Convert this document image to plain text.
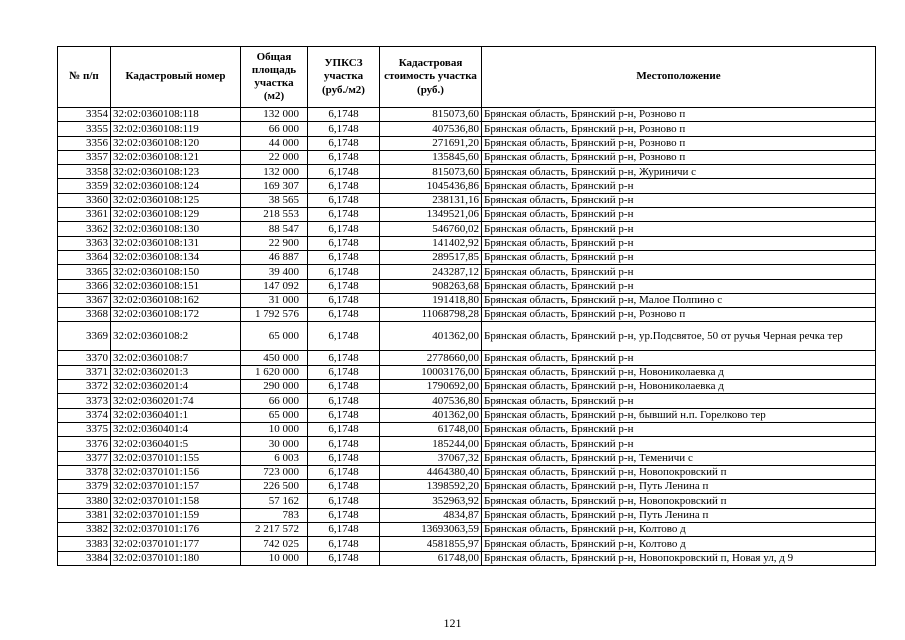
№ п/п	Кадастровый номер	Общая площадь участка (м2)	УПКСЗ участка (руб./м2)	Кадастровая стоимость участка (руб.)	Местоположение
3354	32:02:0360108:118	132 000	6,1748	815073,60	Брянская область, Брянский р-н, Розново п
3355	32:02:0360108:119	66 000	6,1748	407536,80	Брянская область, Брянский р-н, Розново п
3356	32:02:0360108:120	44 000	6,1748	271691,20	Брянская область, Брянский р-н, Розново п
3357	32:02:0360108:121	22 000	6,1748	135845,60	Брянская область, Брянский р-н, Розново п
3358	32:02:0360108:123	132 000	6,1748	815073,60	Брянская область, Брянский р-н, Журиничи с
3359	32:02:0360108:124	169 307	6,1748	1045436,86	Брянская область, Брянский р-н
3360	32:02:0360108:125	38 565	6,1748	238131,16	Брянская область, Брянский р-н
3361	32:02:0360108:129	218 553	6,1748	1349521,06	Брянская область, Брянский р-н
3362	32:02:0360108:130	88 547	6,1748	546760,02	Брянская область, Брянский р-н
3363	32:02:0360108:131	22 900	6,1748	141402,92	Брянская область, Брянский р-н
3364	32:02:0360108:134	46 887	6,1748	289517,85	Брянская область, Брянский р-н
3365	32:02:0360108:150	39 400	6,1748	243287,12	Брянская область, Брянский р-н
3366	32:02:0360108:151	147 092	6,1748	908263,68	Брянская область, Брянский р-н
3367	32:02:0360108:162	31 000	6,1748	191418,80	Брянская область, Брянский р-н, Малое Полпино с
3368	32:02:0360108:172	1 792 576	6,1748	11068798,28	Брянская область, Брянский р-н, Розново п
3369	32:02:0360108:2	65 000	6,1748	401362,00	Брянская область, Брянский р-н, ур.Подсвятое, 50 от ручья Черная речка тер
3370	32:02:0360108:7	450 000	6,1748	2778660,00	Брянская область, Брянский р-н
3371	32:02:0360201:3	1 620 000	6,1748	10003176,00	Брянская область, Брянский р-н, Новониколаевка д
3372	32:02:0360201:4	290 000	6,1748	1790692,00	Брянская область, Брянский р-н, Новониколаевка д
3373	32:02:0360201:74	66 000	6,1748	407536,80	Брянская область, Брянский р-н
3374	32:02:0360401:1	65 000	6,1748	401362,00	Брянская область, Брянский р-н, бывший н.п. Горелково тер
3375	32:02:0360401:4	10 000	6,1748	61748,00	Брянская область, Брянский р-н
3376	32:02:0360401:5	30 000	6,1748	185244,00	Брянская область, Брянский р-н
3377	32:02:0370101:155	6 003	6,1748	37067,32	Брянская область, Брянский р-н, Теменичи с
3378	32:02:0370101:156	723 000	6,1748	4464380,40	Брянская область, Брянский р-н, Новопокровский п
3379	32:02:0370101:157	226 500	6,1748	1398592,20	Брянская область, Брянский р-н, Путь Ленина п
3380	32:02:0370101:158	57 162	6,1748	352963,92	Брянская область, Брянский р-н, Новопокровский п
3381	32:02:0370101:159	783	6,1748	4834,87	Брянская область, Брянский р-н, Путь Ленина п
3382	32:02:0370101:176	2 217 572	6,1748	13693063,59	Брянская область, Брянский р-н, Колтово д
3383	32:02:0370101:177	742 025	6,1748	4581855,97	Брянская область, Брянский р-н, Колтово д
3384	32:02:0370101:180	10 000	6,1748	61748,00	Брянская область, Брянский р-н, Новопокровский п, Новая ул, д 9
121
